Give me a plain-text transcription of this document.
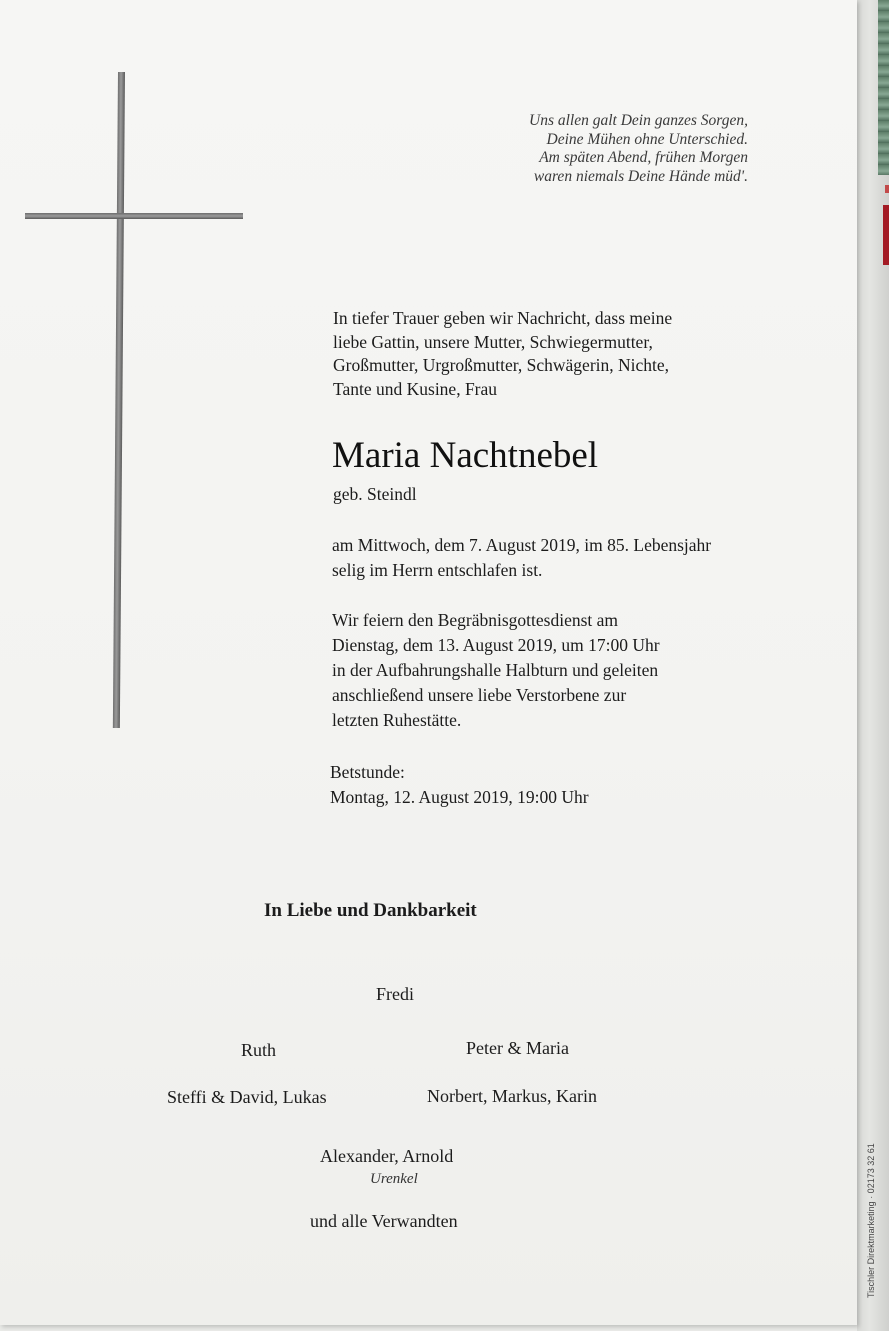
Uns allen galt Dein ganzes Sorgen,
Deine Mühen ohne Unterschied.
Am späten Abend, frühen Morgen
waren niemals Deine Hände müd'.
In tiefer Trauer geben wir Nachricht, dass meine
liebe Gattin, unsere Mutter, Schwiegermutter,
Großmutter, Urgroßmutter, Schwägerin, Nichte,
Tante und Kusine, Frau
Maria Nachtnebel
geb. Steindl
am Mittwoch, dem 7. August 2019, im 85. Lebensjahr
selig im Herrn entschlafen ist.
Wir feiern den Begräbnisgottesdienst am
Dienstag, dem 13. August 2019, um 17:00 Uhr
in der Aufbahrungshalle Halbturn und geleiten
anschließend unsere liebe Verstorbene zur
letzten Ruhestätte.
Betstunde:
Montag, 12. August 2019, 19:00 Uhr
In Liebe und Dankbarkeit
Fredi
Ruth	Peter & Maria
Steffi & David, Lukas	Norbert, Markus, Karin
Alexander, Arnold
Urenkel
und alle Verwandten	Tischler Direktmarketing · 02173 32 61
